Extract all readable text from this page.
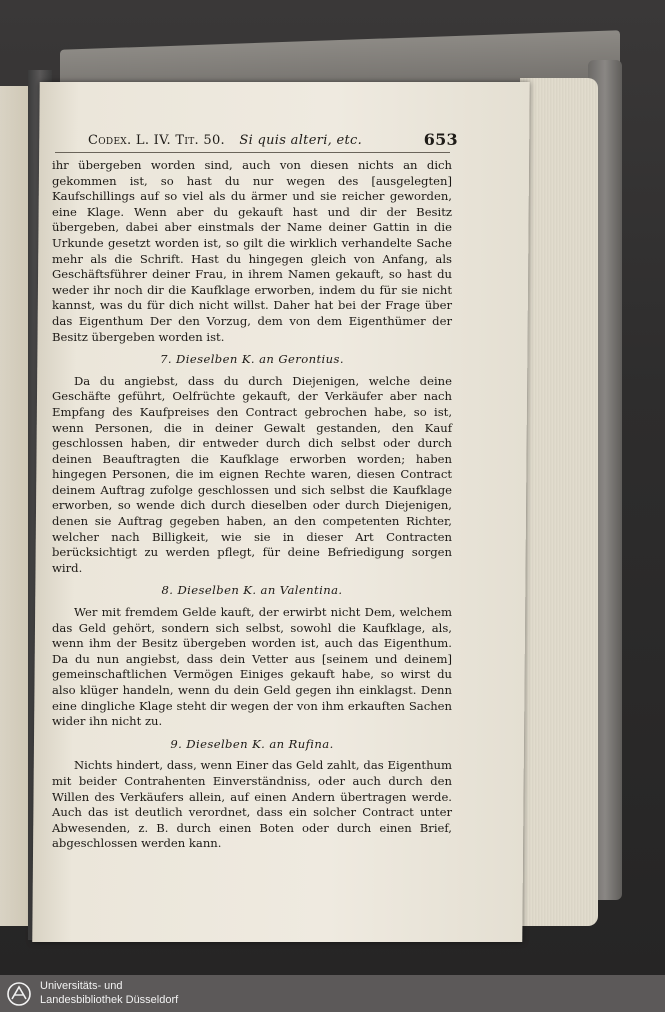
Codex. L. IV. Tit. 50. Si quis alteri, etc.	653

ihr übergeben worden sind, auch von diesen nichts an dich gekommen ist, so hast du nur wegen des [ausgelegten] Kaufschillings auf so viel als du ärmer und sie reicher geworden, eine Klage. Wenn aber du gekauft hast und dir der Besitz übergeben, dabei aber einstmals der Name deiner Gattin in die Urkunde gesetzt worden ist, so gilt die wirklich verhandelte Sache mehr als die Schrift. Hast du hingegen gleich von Anfang, als Geschäftsführer deiner Frau, in ihrem Namen gekauft, so hast du weder ihr noch dir die Kaufklage erworben, indem du für sie nicht kannst, was du für dich nicht willst. Daher hat bei der Frage über das Eigenthum Der den Vorzug, dem von dem Eigenthümer der Besitz übergeben worden ist.

7. Dieselben K. an Gerontius.

Da du angiebst, dass du durch Diejenigen, welche deine Geschäfte geführt, Oelfrüchte gekauft, der Verkäufer aber nach Empfang des Kaufpreises den Contract gebrochen habe, so ist, wenn Personen, die in deiner Gewalt gestanden, den Kauf geschlossen haben, dir entweder durch dich selbst oder durch deinen Beauftragten die Kaufklage erworben worden; haben hingegen Personen, die im eignen Rechte waren, diesen Contract deinem Auftrag zufolge geschlossen und sich selbst die Kaufklage erworben, so wende dich durch dieselben oder durch Diejenigen, denen sie Auftrag gegeben haben, an den competenten Richter, welcher nach Billigkeit, wie sie in dieser Art Contracten berücksichtigt zu werden pflegt, für deine Befriedigung sorgen wird.

8. Dieselben K. an Valentina.

Wer mit fremdem Gelde kauft, der erwirbt nicht Dem, welchem das Geld gehört, sondern sich selbst, sowohl die Kaufklage, als, wenn ihm der Besitz übergeben worden ist, auch das Eigenthum. Da du nun angiebst, dass dein Vetter aus [seinem und deinem] gemeinschaftlichen Vermögen Einiges gekauft habe, so wirst du also klüger handeln, wenn du dein Geld gegen ihn einklagst. Denn eine dingliche Klage steht dir wegen der von ihm erkauften Sachen wider ihn nicht zu.

9. Dieselben K. an Rufina.

Nichts hindert, dass, wenn Einer das Geld zahlt, das Eigenthum mit beider Contrahenten Einverständniss, oder auch durch den Willen des Verkäufers allein, auf einen Andern übertragen werde. Auch das ist deutlich verordnet, dass ein solcher Contract unter Abwesenden, z. B. durch einen Boten oder durch einen Brief, abgeschlossen werden kann.

Universitäts- und
Landesbibliothek Düsseldorf
